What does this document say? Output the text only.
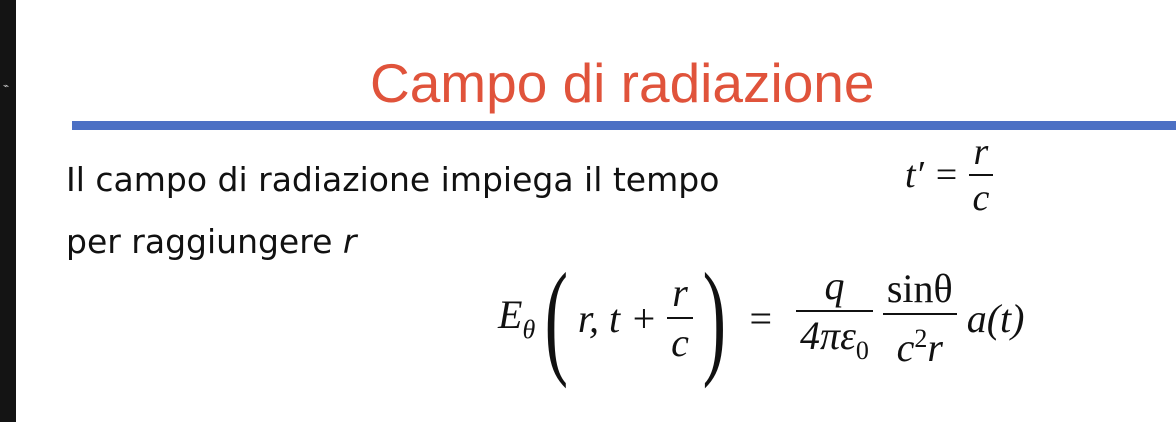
⌁	Campo di radiazione
Il campo di radiazione impiega il tempo
per raggiungere r
$t' = \frac{r}{c}$
$E_\theta$ ( r, $t + \frac{r}{c}$ ) = $\frac{q}{4\pi\varepsilon_0}$
$\frac{\sin\theta}{c^2r} a(t)$
